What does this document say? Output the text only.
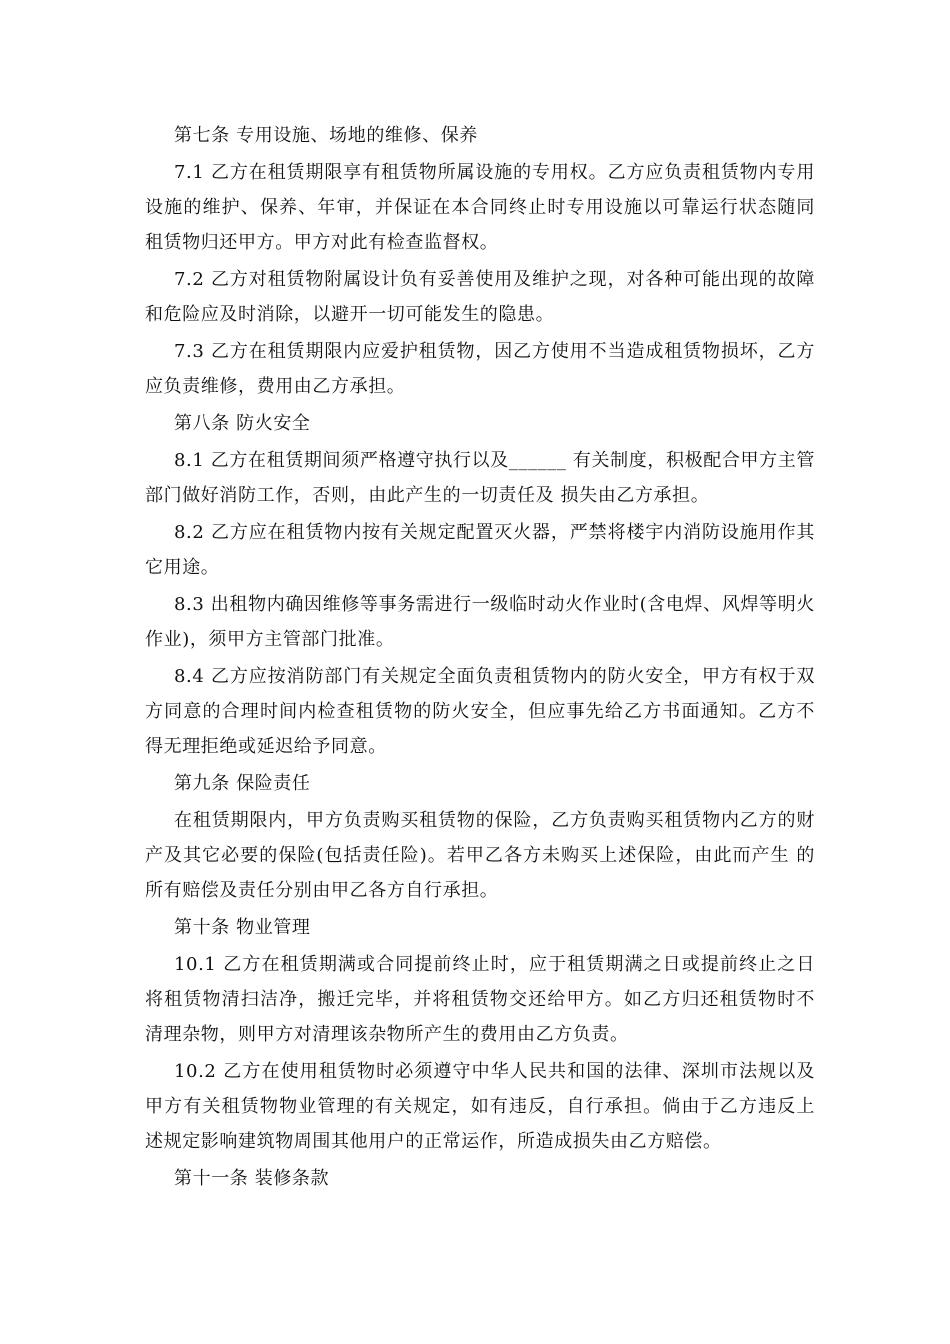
第七条 专用设施、场地的维修、保养

7.1 乙方在租赁期限享有租赁物所属设施的专用权。乙方应负责租赁物内专用 设施的维护、保养、年审，并保证在本合同终止时专用设施以可靠运行状态随同 租赁物归还甲方。甲方对此有检查监督权。

7.2 乙方对租赁物附属设计负有妥善使用及维护之现，对各种可能出现的故障和危险应及时消除，以避开一切可能发生的隐患。

7.3 乙方在租赁期限内应爱护租赁物，因乙方使用不当造成租赁物损坏，乙方 应负责维修，费用由乙方承担。

第八条 防火安全

8.1 乙方在租赁期间须严格遵守执行以及______ 有关制度，积极配合甲方主管部门做好消防工作，否则，由此产生的一切责任及 损失由乙方承担。

8.2 乙方应在租赁物内按有关规定配置灭火器，严禁将楼宇内消防设施用作其 它用途。

8.3 出租物内确因维修等事务需进行一级临时动火作业时(含电焊、风焊等明火作业)，须甲方主管部门批准。

8.4 乙方应按消防部门有关规定全面负责租赁物内的防火安全，甲方有权于双 方同意的合理时间内检查租赁物的防火安全，但应事先给乙方书面通知。乙方不 得无理拒绝或延迟给予同意。

第九条 保险责任

在租赁期限内，甲方负责购买租赁物的保险，乙方负责购买租赁物内乙方的财产及其它必要的保险(包括责任险)。若甲乙各方未购买上述保险，由此而产生 的所有赔偿及责任分别由甲乙各方自行承担。

第十条 物业管理

10.1 乙方在租赁期满或合同提前终止时，应于租赁期满之日或提前终止之日 将租赁物清扫洁净，搬迁完毕，并将租赁物交还给甲方。如乙方归还租赁物时不 清理杂物，则甲方对清理该杂物所产生的费用由乙方负责。

10.2 乙方在使用租赁物时必须遵守中华人民共和国的法律、深圳市法规以及 甲方有关租赁物物业管理的有关规定，如有违反，自行承担。倘由于乙方违反上 述规定影响建筑物周围其他用户的正常运作，所造成损失由乙方赔偿。

第十一条 装修条款
